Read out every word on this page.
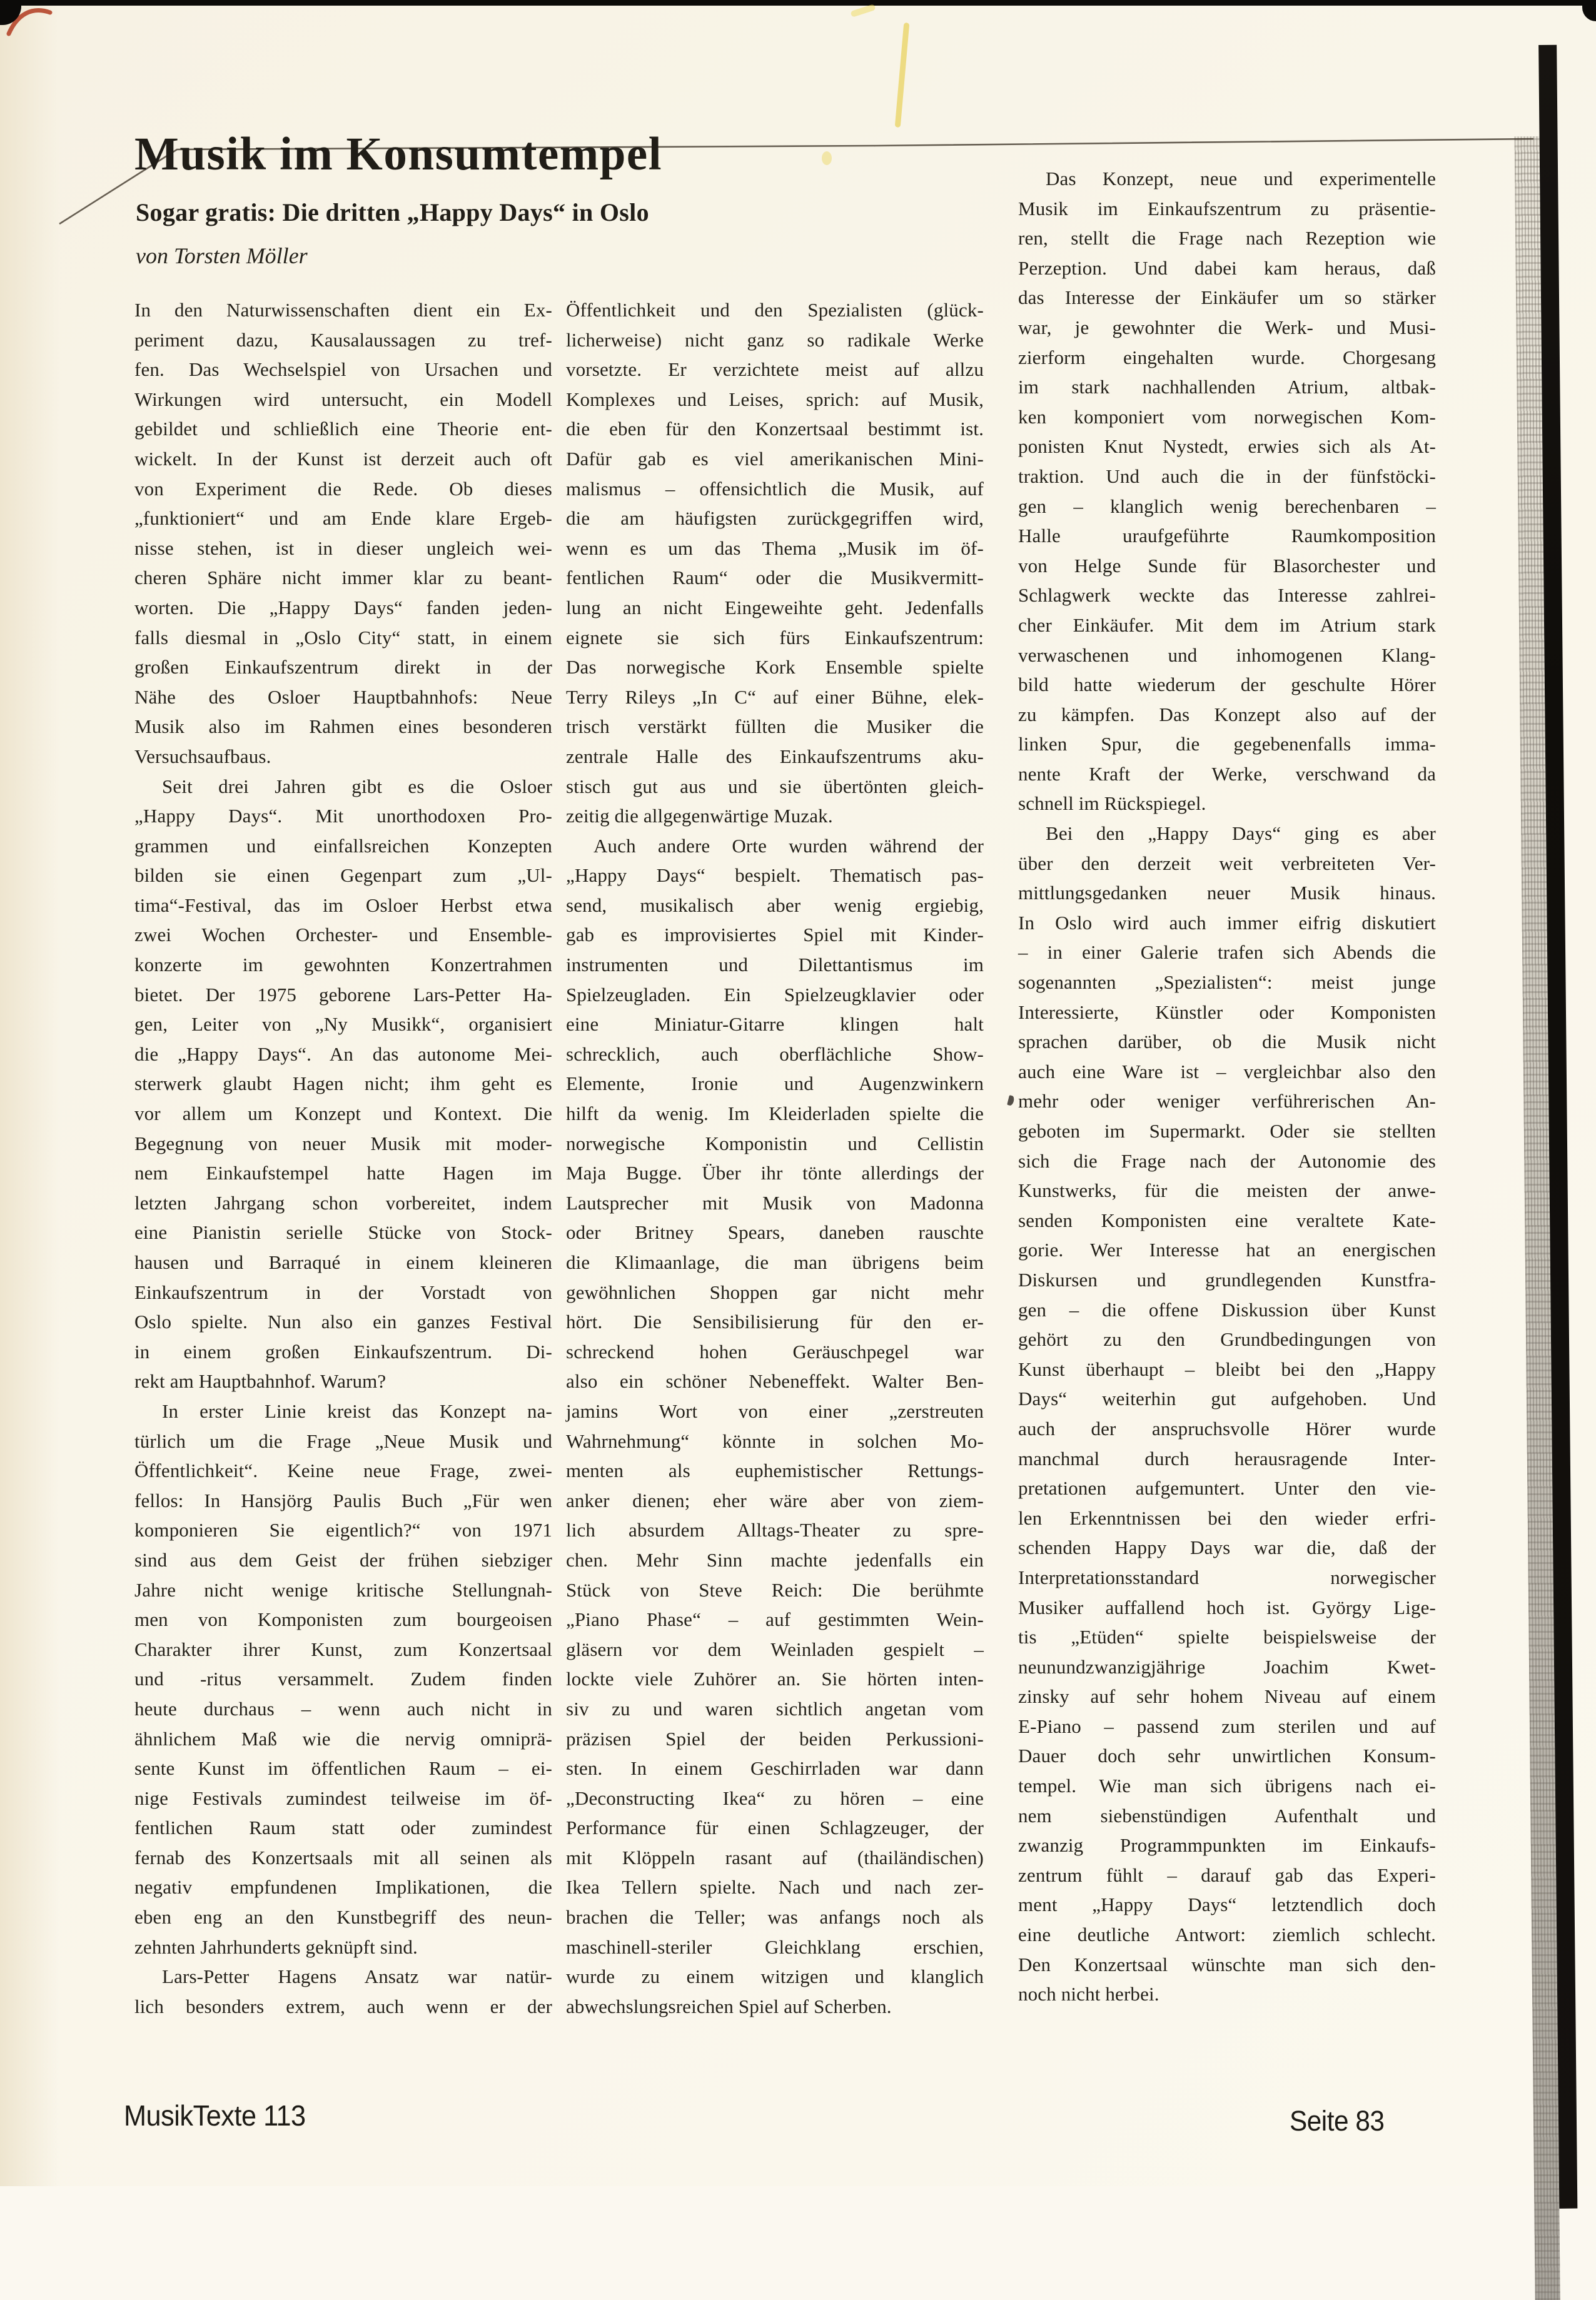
Musik im Konsumtempel
Sogar gratis: Die dritten „Happy Days“ in Oslo
von Torsten Möller
In den Naturwissenschaften dient ein Ex-
periment dazu, Kausalaussagen zu tref-
fen. Das Wechselspiel von Ursachen und
Wirkungen wird untersucht, ein Modell
gebildet und schließlich eine Theorie ent-
wickelt. In der Kunst ist derzeit auch oft
von Experiment die Rede. Ob dieses
„funktioniert“ und am Ende klare Ergeb-
nisse stehen, ist in dieser ungleich wei-
cheren Sphäre nicht immer klar zu beant-
worten. Die „Happy Days“ fanden jeden-
falls diesmal in „Oslo City“ statt, in einem
großen Einkaufszentrum direkt in der
Nähe des Osloer Hauptbahnhofs: Neue
Musik also im Rahmen eines besonderen
Versuchsaufbaus.
Seit drei Jahren gibt es die Osloer
„Happy Days“. Mit unorthodoxen Pro-
grammen und einfallsreichen Konzepten
bilden sie einen Gegenpart zum „Ul-
tima“-Festival, das im Osloer Herbst etwa
zwei Wochen Orchester- und Ensemble-
konzerte im gewohnten Konzertrahmen
bietet. Der 1975 geborene Lars-Petter Ha-
gen, Leiter von „Ny Musikk“, organisiert
die „Happy Days“. An das autonome Mei-
sterwerk glaubt Hagen nicht; ihm geht es
vor allem um Konzept und Kontext. Die
Begegnung von neuer Musik mit moder-
nem Einkaufstempel hatte Hagen im
letzten Jahrgang schon vorbereitet, indem
eine Pianistin serielle Stücke von Stock-
hausen und Barraqué in einem kleineren
Einkaufszentrum in der Vorstadt von
Oslo spielte. Nun also ein ganzes Festival
in einem großen Einkaufszentrum. Di-
rekt am Hauptbahnhof. Warum?
In erster Linie kreist das Konzept na-
türlich um die Frage „Neue Musik und
Öffentlichkeit“. Keine neue Frage, zwei-
fellos: In Hansjörg Paulis Buch „Für wen
komponieren Sie eigentlich?“ von 1971
sind aus dem Geist der frühen siebziger
Jahre nicht wenige kritische Stellungnah-
men von Komponisten zum bourgeoisen
Charakter ihrer Kunst, zum Konzertsaal
und -ritus versammelt. Zudem finden
heute durchaus – wenn auch nicht in
ähnlichem Maß wie die nervig omniprä-
sente Kunst im öffentlichen Raum – ei-
nige Festivals zumindest teilweise im öf-
fentlichen Raum statt oder zumindest
fernab des Konzertsaals mit all seinen als
negativ empfundenen Implikationen, die
eben eng an den Kunstbegriff des neun-
zehnten Jahrhunderts geknüpft sind.
Lars-Petter Hagens Ansatz war natür-
lich besonders extrem, auch wenn er der
Öffentlichkeit und den Spezialisten (glück-
licherweise) nicht ganz so radikale Werke
vorsetzte. Er verzichtete meist auf allzu
Komplexes und Leises, sprich: auf Musik,
die eben für den Konzertsaal bestimmt ist.
Dafür gab es viel amerikanischen Mini-
malismus – offensichtlich die Musik, auf
die am häufigsten zurückgegriffen wird,
wenn es um das Thema „Musik im öf-
fentlichen Raum“ oder die Musikvermitt-
lung an nicht Eingeweihte geht. Jedenfalls
eignete sie sich fürs Einkaufszentrum:
Das norwegische Kork Ensemble spielte
Terry Rileys „In C“ auf einer Bühne, elek-
trisch verstärkt füllten die Musiker die
zentrale Halle des Einkaufszentrums aku-
stisch gut aus und sie übertönten gleich-
zeitig die allgegenwärtige Muzak.
Auch andere Orte wurden während der
„Happy Days“ bespielt. Thematisch pas-
send, musikalisch aber wenig ergiebig,
gab es improvisiertes Spiel mit Kinder-
instrumenten und Dilettantismus im
Spielzeugladen. Ein Spielzeugklavier oder
eine Miniatur-Gitarre klingen halt
schrecklich, auch oberflächliche Show-
Elemente, Ironie und Augenzwinkern
hilft da wenig. Im Kleiderladen spielte die
norwegische Komponistin und Cellistin
Maja Bugge. Über ihr tönte allerdings der
Lautsprecher mit Musik von Madonna
oder Britney Spears, daneben rauschte
die Klimaanlage, die man übrigens beim
gewöhnlichen Shoppen gar nicht mehr
hört. Die Sensibilisierung für den er-
schreckend hohen Geräuschpegel war
also ein schöner Nebeneffekt. Walter Ben-
jamins Wort von einer „zerstreuten
Wahrnehmung“ könnte in solchen Mo-
menten als euphemistischer Rettungs-
anker dienen; eher wäre aber von ziem-
lich absurdem Alltags-Theater zu spre-
chen. Mehr Sinn machte jedenfalls ein
Stück von Steve Reich: Die berühmte
„Piano Phase“ – auf gestimmten Wein-
gläsern vor dem Weinladen gespielt –
lockte viele Zuhörer an. Sie hörten inten-
siv zu und waren sichtlich angetan vom
präzisen Spiel der beiden Perkussioni-
sten. In einem Geschirrladen war dann
„Deconstructing Ikea“ zu hören – eine
Performance für einen Schlagzeuger, der
mit Klöppeln rasant auf (thailändischen)
Ikea Tellern spielte. Nach und nach zer-
brachen die Teller; was anfangs noch als
maschinell-steriler Gleichklang erschien,
wurde zu einem witzigen und klanglich
abwechslungsreichen Spiel auf Scherben.
Das Konzept, neue und experimentelle
Musik im Einkaufszentrum zu präsentie-
ren, stellt die Frage nach Rezeption wie
Perzeption. Und dabei kam heraus, daß
das Interesse der Einkäufer um so stärker
war, je gewohnter die Werk- und Musi-
zierform eingehalten wurde. Chorgesang
im stark nachhallenden Atrium, altbak-
ken komponiert vom norwegischen Kom-
ponisten Knut Nystedt, erwies sich als At-
traktion. Und auch die in der fünfstöcki-
gen – klanglich wenig berechenbaren –
Halle uraufgeführte Raumkomposition
von Helge Sunde für Blasorchester und
Schlagwerk weckte das Interesse zahlrei-
cher Einkäufer. Mit dem im Atrium stark
verwaschenen und inhomogenen Klang-
bild hatte wiederum der geschulte Hörer
zu kämpfen. Das Konzept also auf der
linken Spur, die gegebenenfalls imma-
nente Kraft der Werke, verschwand da
schnell im Rückspiegel.
Bei den „Happy Days“ ging es aber
über den derzeit weit verbreiteten Ver-
mittlungsgedanken neuer Musik hinaus.
In Oslo wird auch immer eifrig diskutiert
– in einer Galerie trafen sich Abends die
sogenannten „Spezialisten“: meist junge
Interessierte, Künstler oder Komponisten
sprachen darüber, ob die Musik nicht
auch eine Ware ist – vergleichbar also den
mehr oder weniger verführerischen An-
geboten im Supermarkt. Oder sie stellten
sich die Frage nach der Autonomie des
Kunstwerks, für die meisten der anwe-
senden Komponisten eine veraltete Kate-
gorie. Wer Interesse hat an energischen
Diskursen und grundlegenden Kunstfra-
gen – die offene Diskussion über Kunst
gehört zu den Grundbedingungen von
Kunst überhaupt – bleibt bei den „Happy
Days“ weiterhin gut aufgehoben. Und
auch der anspruchsvolle Hörer wurde
manchmal durch herausragende Inter-
pretationen aufgemuntert. Unter den vie-
len Erkenntnissen bei den wieder erfri-
schenden Happy Days war die, daß der
Interpretationsstandard norwegischer
Musiker auffallend hoch ist. György Lige-
tis „Etüden“ spielte beispielsweise der
neunundzwanzigjährige Joachim Kwet-
zinsky auf sehr hohem Niveau auf einem
E-Piano – passend zum sterilen und auf
Dauer doch sehr unwirtlichen Konsum-
tempel. Wie man sich übrigens nach ei-
nem siebenstündigen Aufenthalt und
zwanzig Programmpunkten im Einkaufs-
zentrum fühlt – darauf gab das Experi-
ment „Happy Days“ letztendlich doch
eine deutliche Antwort: ziemlich schlecht.
Den Konzertsaal wünschte man sich den-
noch nicht herbei.
MusikTexte 113	Seite 83
